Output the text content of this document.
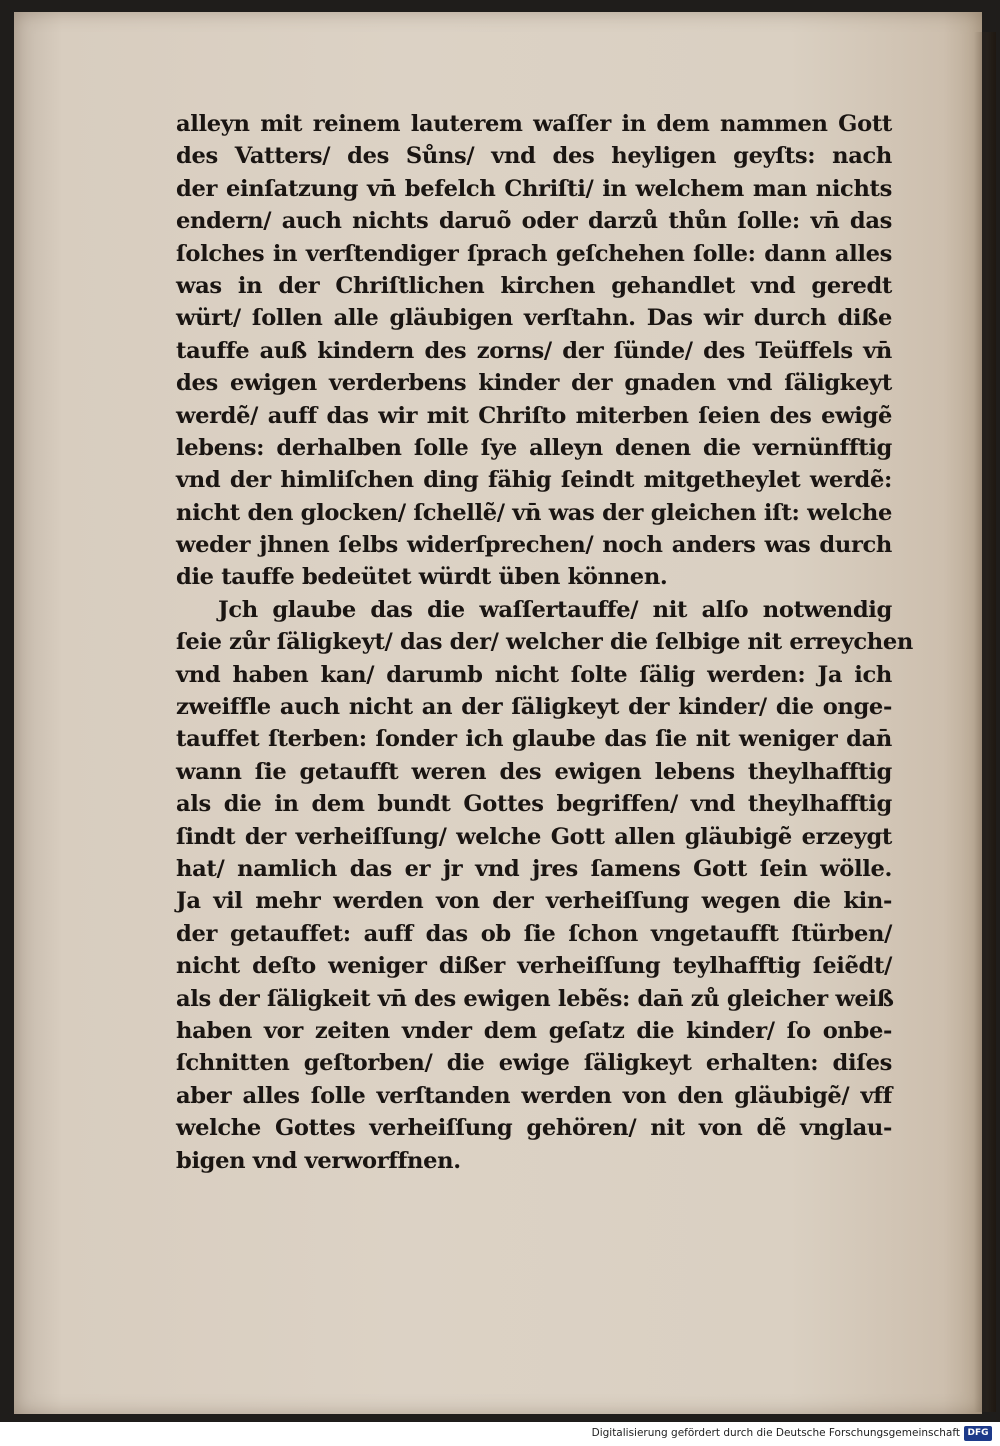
alleyn mit reinem lauterem waſſer in dem nammen Gott
des Vatters/ des Sůns/ vnd des heyligen geyſts: nach
der einſatzung vn̄ befelch Chriſti/ in welchem man nichts
endern/ auch nichts daruõ oder darzů thůn ſolle: vn̄ das
ſolches in verſtendiger ſprach geſchehen ſolle: dann alles
was in der Chriſtlichen kirchen gehandlet vnd geredt
würt/ ſollen alle gläubigen verſtahn. Das wir durch diße
tauffe auß kindern des zorns/ der ſünde/ des Teüffels vn̄
des ewigen verderbens kinder der gnaden vnd ſäligkeyt
werdẽ/ auff das wir mit Chriſto miterben ſeien des ewigẽ
lebens: derhalben ſolle ſye alleyn denen die vernünfftig
vnd der himliſchen ding fähig ſeindt mitgetheylet werdẽ:
nicht den glocken/ ſchellẽ/ vn̄ was der gleichen iſt: welche
weder jhnen ſelbs widerſprechen/ noch anders was durch
die tauffe bedeütet würdt üben können.
Jch glaube das die waſſertauffe/ nit alſo notwendig
ſeie zůr ſäligkeyt/ das der/ welcher die ſelbige nit erreychen
vnd haben kan/ darumb nicht ſolte ſälig werden: Ja ich
zweiffle auch nicht an der ſäligkeyt der kinder/ die onge-
tauffet ſterben: ſonder ich glaube das ſie nit weniger dan̄
wann ſie getaufft weren des ewigen lebens theylhafftig
als die in dem bundt Gottes begriffen/ vnd theylhafftig
ſindt der verheiſſung/ welche Gott allen gläubigẽ erzeygt
hat/ namlich das er jr vnd jres ſamens Gott ſein wölle.
Ja vil mehr werden von der verheiſſung wegen die kin-
der getauffet: auff das ob ſie ſchon vngetaufft ſtürben/
nicht deſto weniger dißer verheiſſung teylhafftig ſeiẽdt/
als der ſäligkeit vn̄ des ewigen lebẽs: dan̄ zů gleicher weiß
haben vor zeiten vnder dem geſatz die kinder/ ſo onbe-
ſchnitten geſtorben/ die ewige ſäligkeyt erhalten: diſes
aber alles ſolle verſtanden werden von den gläubigẽ/ vff
welche Gottes verheiſſung gehören/ nit von dẽ vnglau-
bigen vnd verworffnen.
Digitalisierung gefördert durch die Deutsche Forschungsgemeinschaft DFG
